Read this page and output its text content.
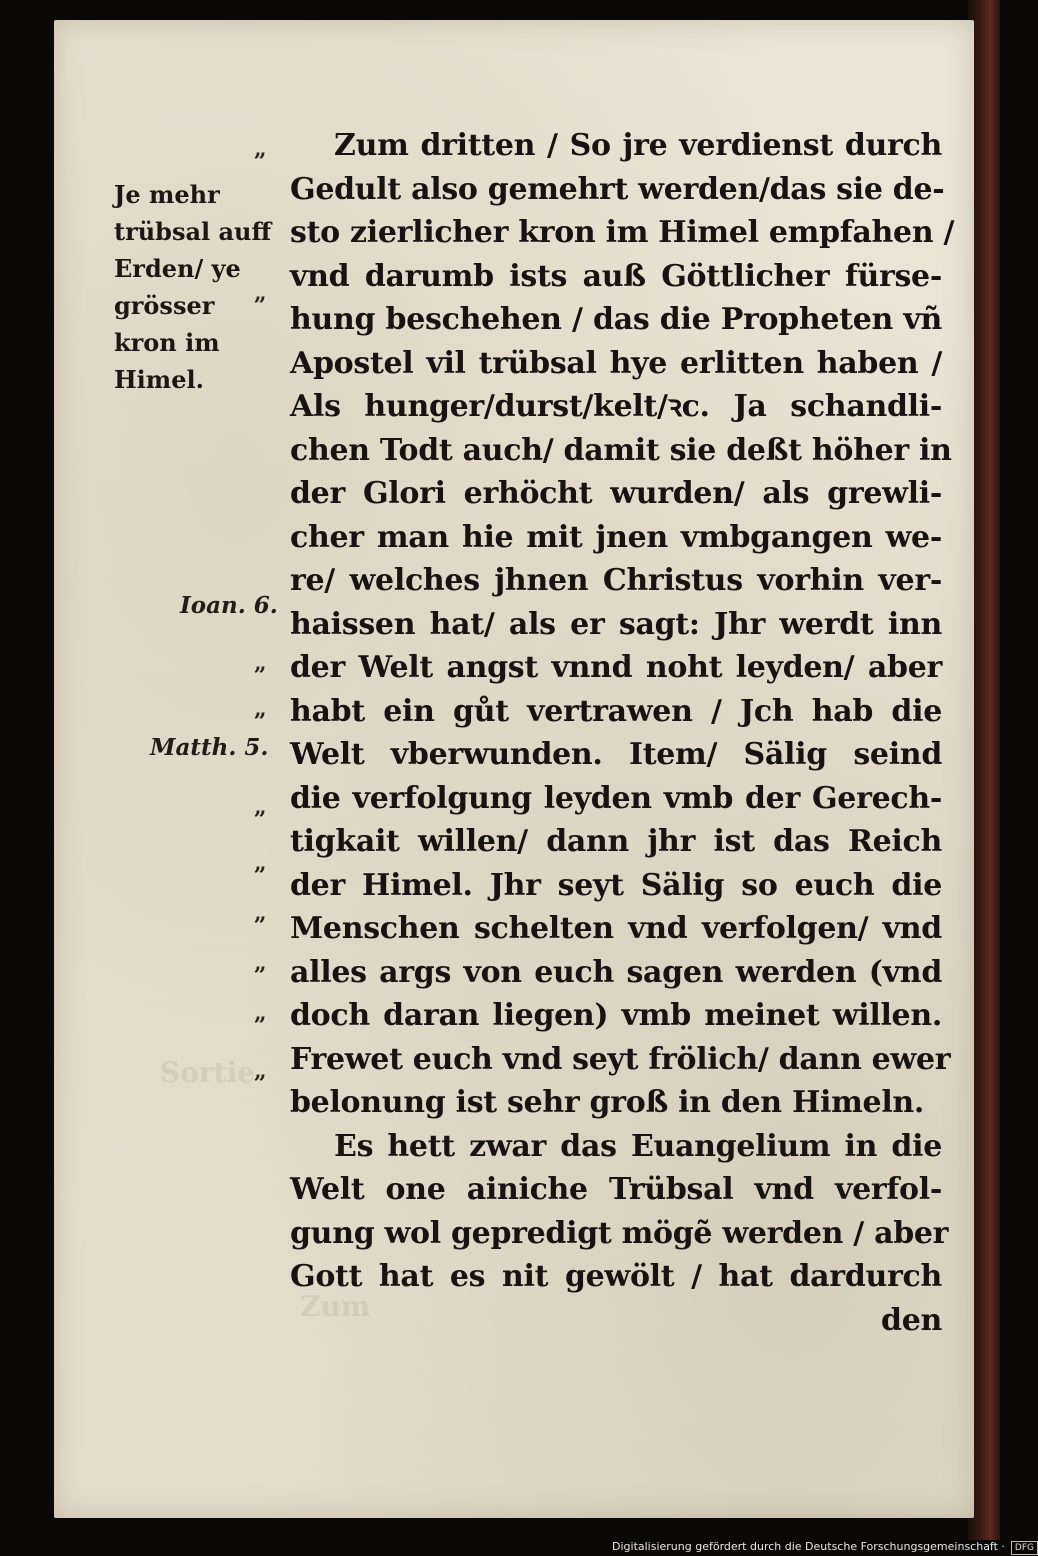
Sortie
Zum
Je mehr
trübsal auff
Erden/ ye
grösser
kron im
Himel.
Ioan. 6.
Matth. 5.
„
„
„
„
„
„
„
„
„
„
Zum dritten / So jre verdienst durch
Gedult also gemehrt werden/das sie de-
sto zierlicher kron im Himel empfahen /
vnd darumb ists auß Göttlicher fürse-
hung beschehen / das die Propheten vñ
Apostel vil trübsal hye erlitten haben /
Als hunger/durst/kelt/ꝛc. Ja schandli-
chen Todt auch/ damit sie deßt höher in
der Glori erhöcht wurden/ als grewli-
cher man hie mit jnen vmbgangen we-
re/ welches jhnen Christus vorhin ver-
haissen hat/ als er sagt: Jhr werdt inn
der Welt angst vnnd noht leyden/ aber
habt ein gůt vertrawen / Jch hab die
Welt vberwunden. Item/ Sälig seind
die verfolgung leyden vmb der Gerech-
tigkait willen/ dann jhr ist das Reich
der Himel. Jhr seyt Sälig so euch die
Menschen schelten vnd verfolgen/ vnd
alles args von euch sagen werden (vnd
doch daran liegen) vmb meinet willen.
Frewet euch vnd seyt frölich/ dann ewer
belonung ist sehr groß in den Himeln.
Es hett zwar das Euangelium in die
Welt one ainiche Trübsal vnd verfol-
gung wol gepredigt mögẽ werden / aber
Gott hat es nit gewölt / hat dardurch
den
Digitalisierung gefördert durch die Deutsche Forschungsgemeinschaft · DFG
